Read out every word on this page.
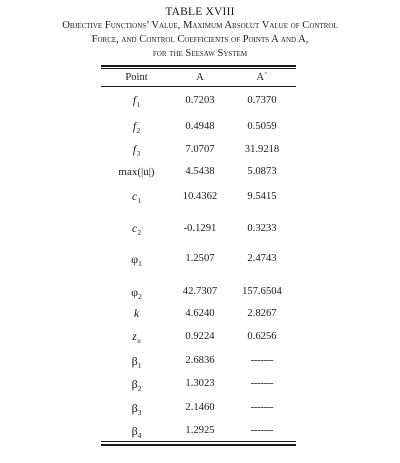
TABLE XVIII
Objective Functions’ Value, Maximum Absolut Value of Control
Force, and Control Coefficients of Points A and A,
for the Seesaw System
Point	A	A´
$f_1$	0.7203	0.7370
$f_2$	0.4948	0.5059
$f_3$	7.0707	31.9218
max(|u|)	4.5438	5.0873
$c_1$	10.4362	9.5415
$c_2$	-0.1291	0.3233
$\varphi_1$	1.2507	2.4743
$\varphi_2$	42.7307	157.6504
k	4.6240	2.8267
$z_u$	0.9224	0.6256
$\beta_1$	2.6836	-------
$\beta_2$	1.3023	-------
$\beta_3$	2.1460	-------
$\beta_4$	1.2925	-------
